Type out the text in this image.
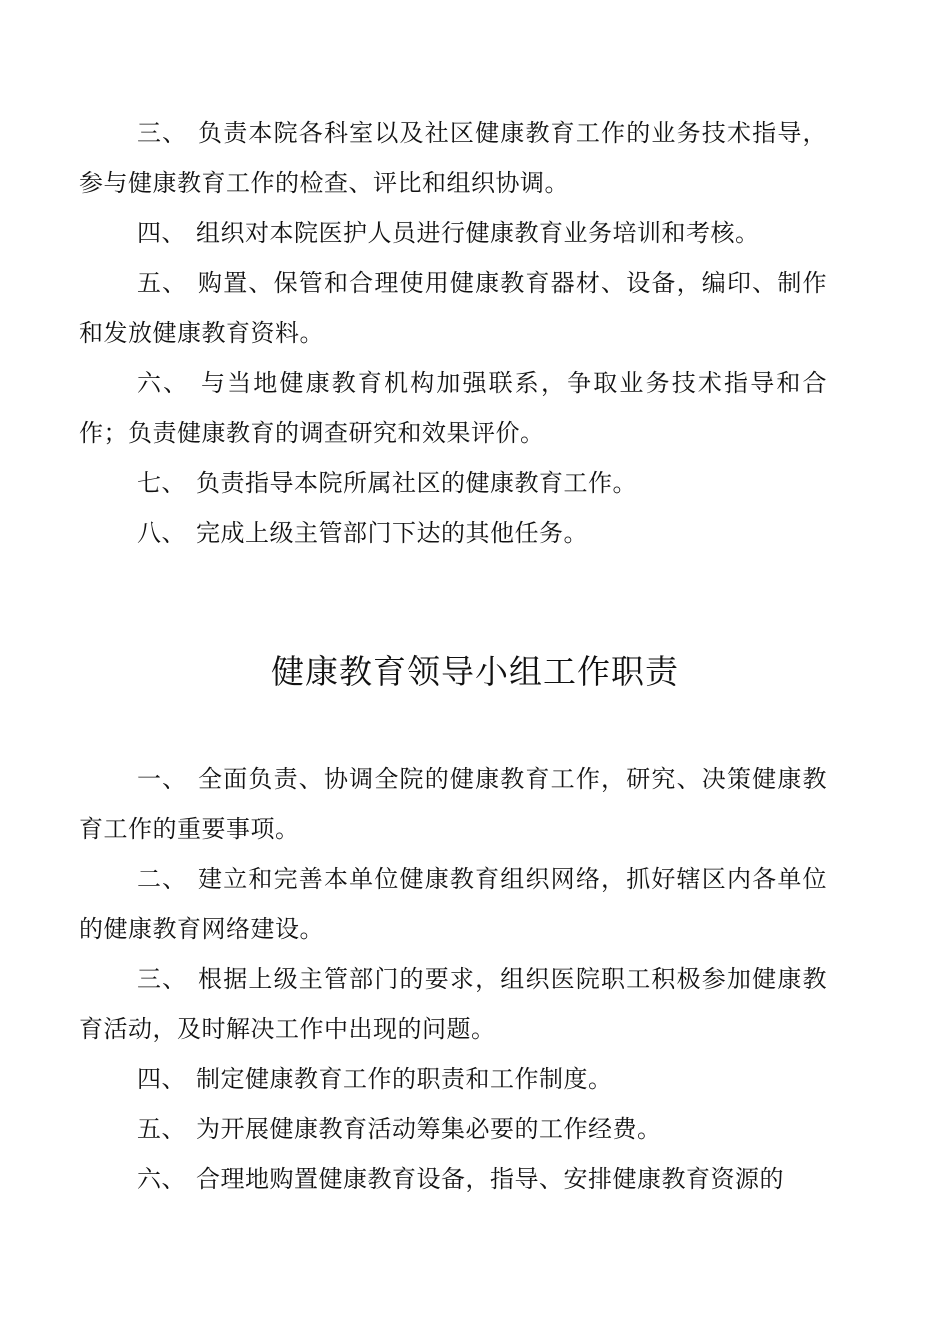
三、 负责本院各科室以及社区健康教育工作的业务技术指导，参与健康教育工作的检查、评比和组织协调。
四、 组织对本院医护人员进行健康教育业务培训和考核。
五、 购置、保管和合理使用健康教育器材、设备，编印、制作和发放健康教育资料。
六、 与当地健康教育机构加强联系，争取业务技术指导和合作；负责健康教育的调查研究和效果评价。
七、 负责指导本院所属社区的健康教育工作。
八、 完成上级主管部门下达的其他任务。
健康教育领导小组工作职责
一、 全面负责、协调全院的健康教育工作，研究、决策健康教育工作的重要事项。
二、 建立和完善本单位健康教育组织网络，抓好辖区内各单位的健康教育网络建设。
三、 根据上级主管部门的要求，组织医院职工积极参加健康教育活动，及时解决工作中出现的问题。
四、 制定健康教育工作的职责和工作制度。
五、 为开展健康教育活动筹集必要的工作经费。
六、 合理地购置健康教育设备，指导、安排健康教育资源的
